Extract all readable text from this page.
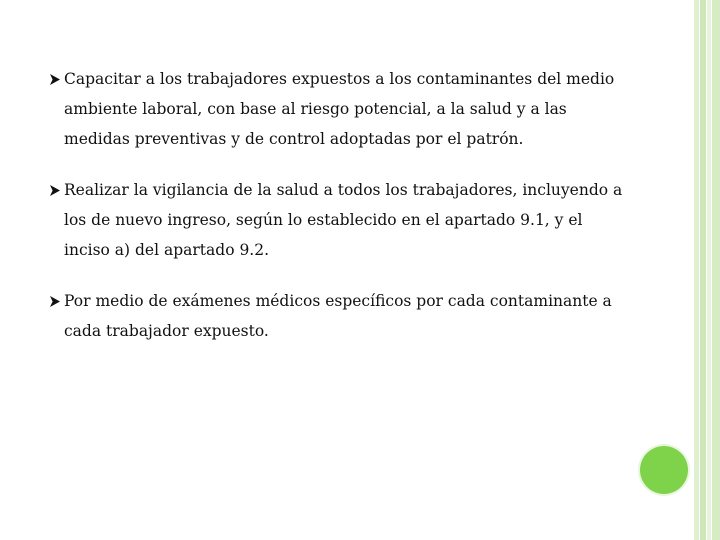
Capacitar a los trabajadores expuestos a los contaminantes del medio ambiente laboral, con base al riesgo potencial, a la salud y a las medidas preventivas y de control adoptadas por el patrón.
Realizar la vigilancia de la salud a todos los trabajadores, incluyendo a los de nuevo ingreso, según lo establecido en el apartado 9.1, y el inciso a) del apartado 9.2.
Por medio de exámenes médicos específicos por cada contaminante a cada trabajador expuesto.
